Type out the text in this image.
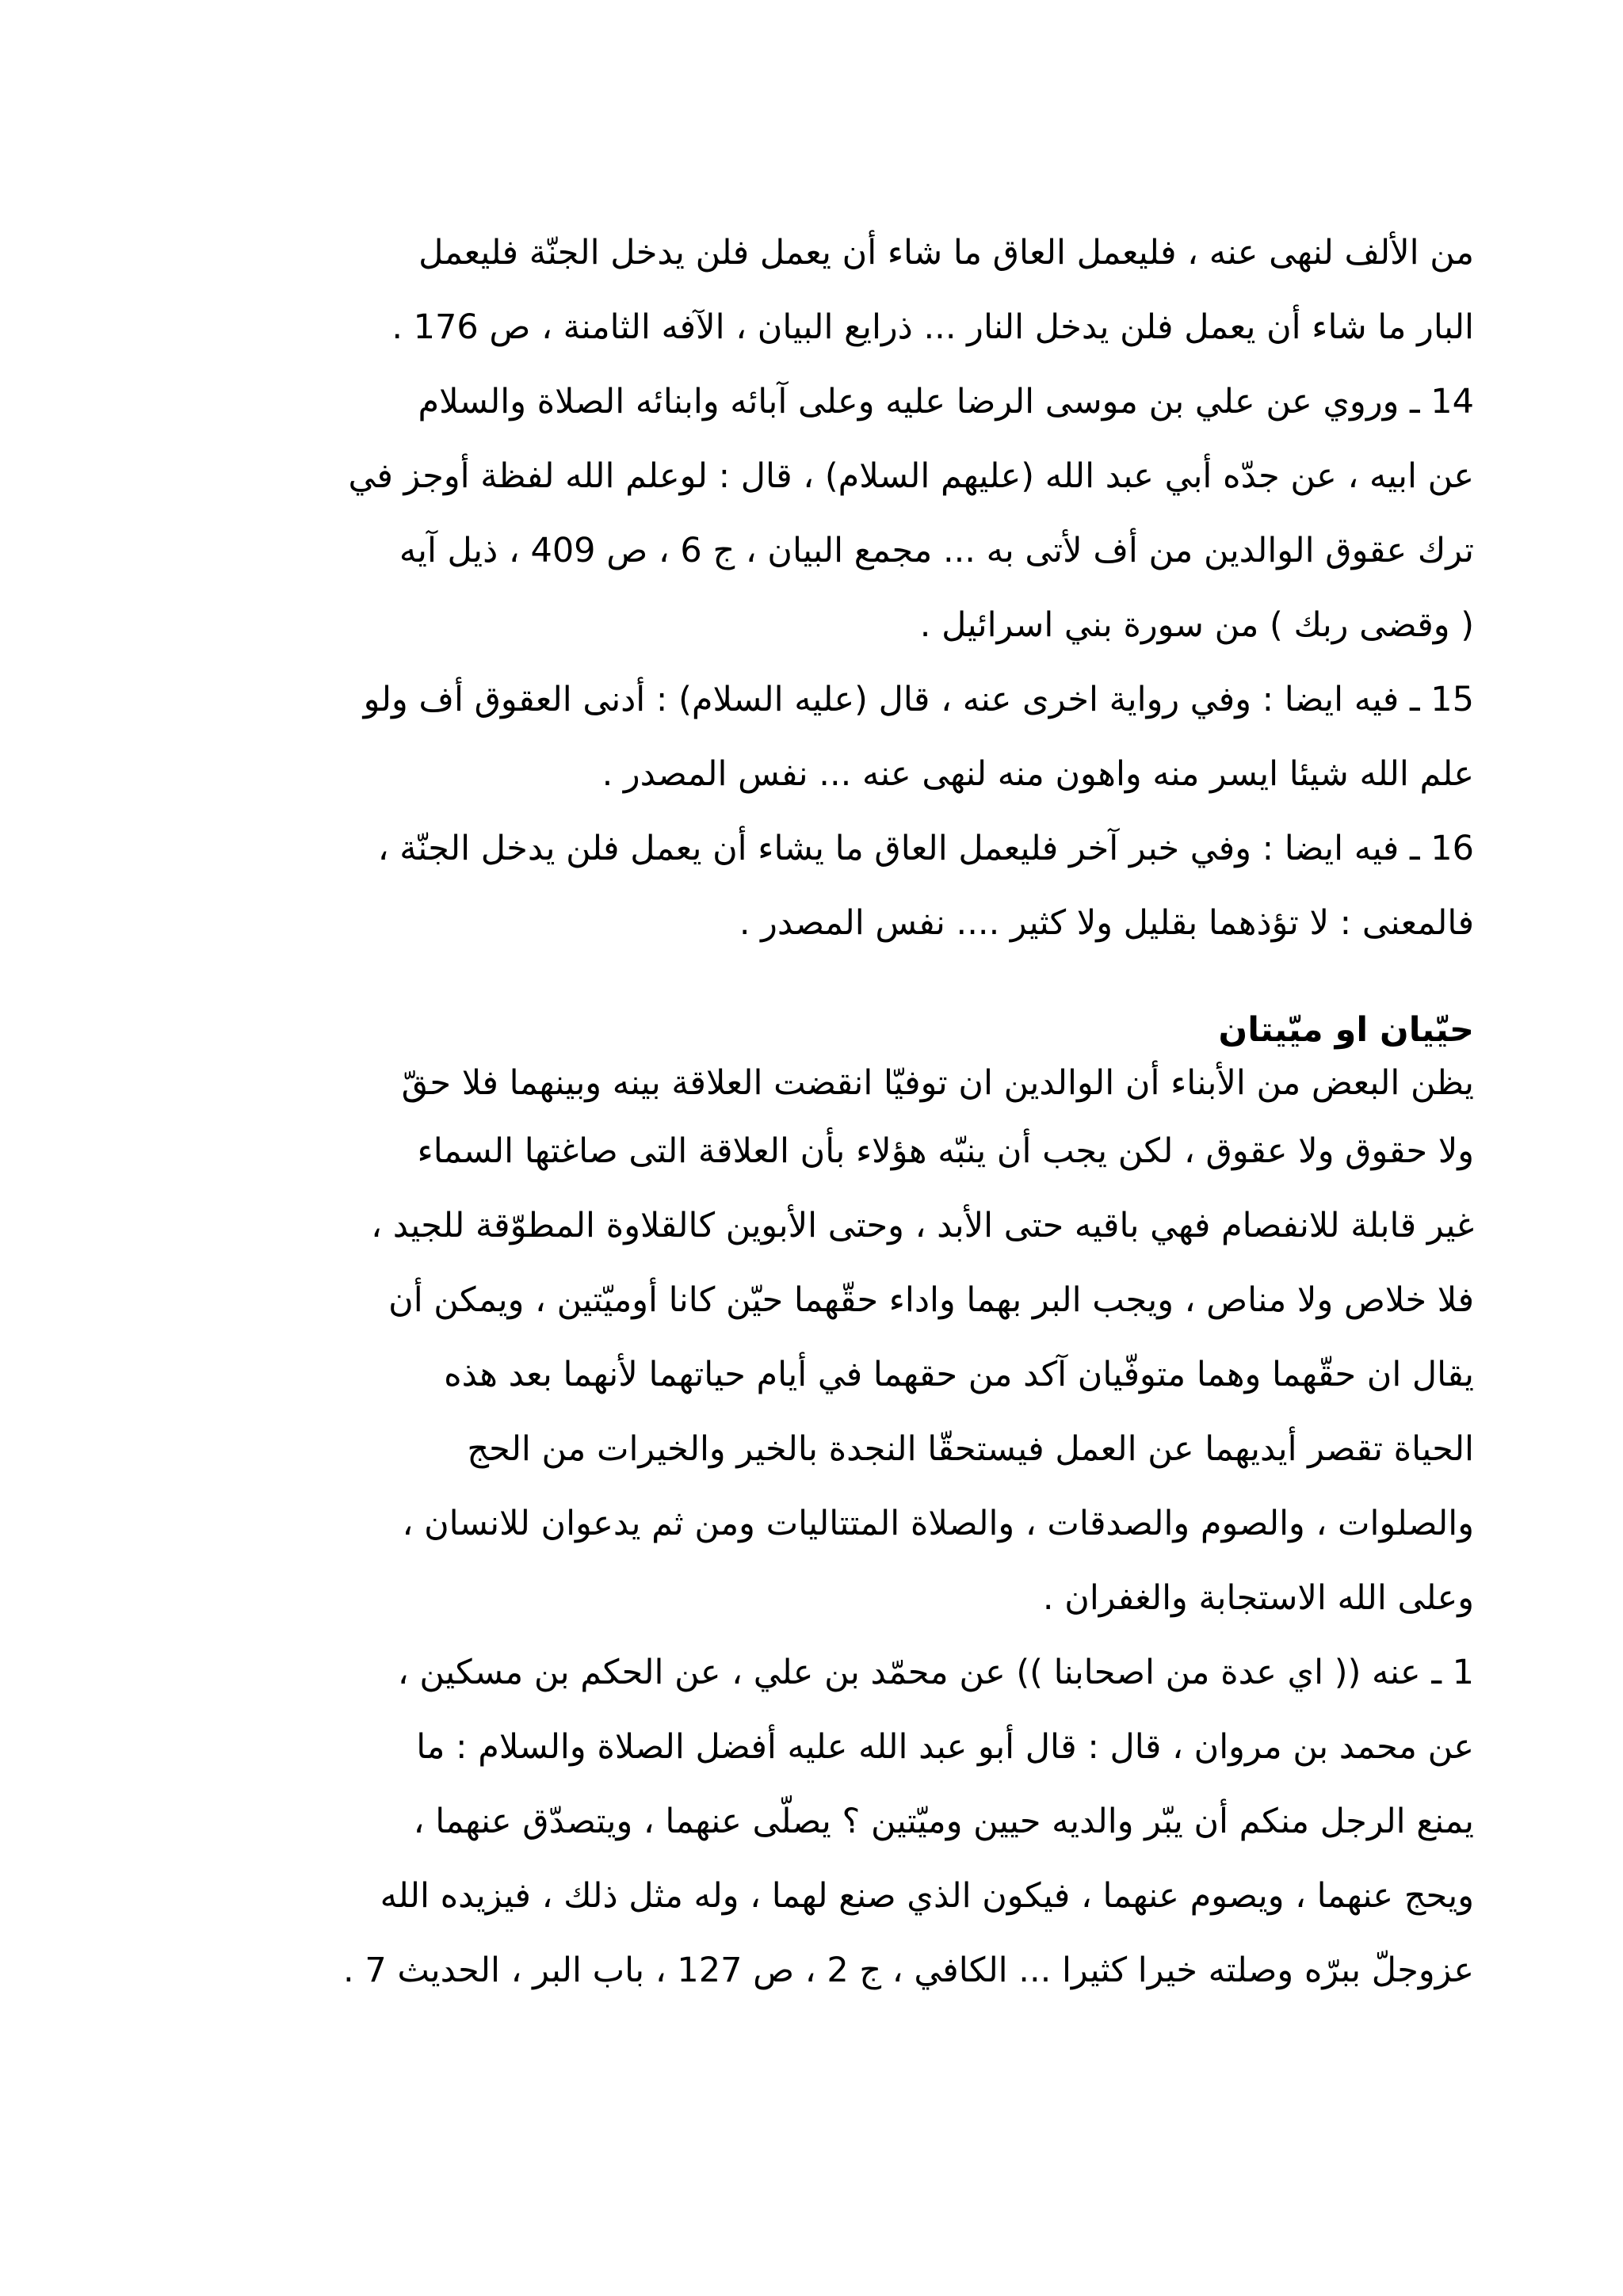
من الألف لنهى عنه ، فليعمل العاق ما شاء أن يعمل فلن يدخل الجنّة فليعمل
البار ما شاء أن يعمل فلن يدخل النار ... ذرايع البيان ، الآفه الثامنة ، ص 176 .
14 ـ وروي عن علي بن موسى الرضا عليه وعلى آبائه وابنائه الصلاة والسلام
عن ابيه ، عن جدّه أبي عبد الله (عليهم السلام) ، قال : لوعلم الله لفظة أوجز في
ترك عقوق الوالدين من أف لأتى به ... مجمع البيان ، ج 6 ، ص 409 ، ذيل آيه
( وقضى ربك ) من سورة بني اسرائيل .
15 ـ فيه ايضا : وفي رواية اخرى عنه ، قال (عليه السلام) : أدنى العقوق أف ولو
علم الله شيئا ايسر منه واهون منه لنهى عنه ... نفس المصدر .
16 ـ فيه ايضا : وفي خبر آخر فليعمل العاق ما يشاء أن يعمل فلن يدخل الجنّة ،
فالمعنى : لا تؤذهما بقليل ولا كثير .... نفس المصدر .
حيّيان او ميّيتان
يظن البعض من الأبناء أن الوالدين ان توفيّا انقضت العلاقة بينه وبينهما فلا حقّ
ولا حقوق ولا عقوق ، لكن يجب أن ينبّه هؤلاء بأن العلاقة التى صاغتها السماء
غير قابلة للانفصام فهي باقيه حتى الأبد ، وحتى الأبوين كالقلاوة المطوّقة للجيد ،
فلا خلاص ولا مناص ، ويجب البر بهما واداء حقّهما حيّن كانا أوميّتين ، ويمكن أن
يقال ان حقّهما وهما متوفّيان آكد من حقهما في أيام حياتهما لأنهما بعد هذه
الحياة تقصر أيديهما عن العمل فيستحقّا النجدة بالخير والخيرات من الحج
والصلوات ، والصوم والصدقات ، والصلاة المتتاليات ومن ثم يدعوان للانسان ،
وعلى الله الاستجابة والغفران .
1 ـ عنه (( اي عدة من اصحابنا )) عن محمّد بن علي ، عن الحكم بن مسكين ،
عن محمد بن مروان ، قال : قال أبو عبد الله عليه أفضل الصلاة والسلام : ما
يمنع الرجل منكم أن يبّر والديه حيين وميّتين ؟ يصلّى عنهما ، ويتصدّق عنهما ،
ويحج عنهما ، ويصوم عنهما ، فيكون الذي صنع لهما ، وله مثل ذلك ، فيزيده الله
عزوجلّ ببرّه وصلته خيرا كثيرا ... الكافي ، ج 2 ، ص 127 ، باب البر ، الحديث 7 .
